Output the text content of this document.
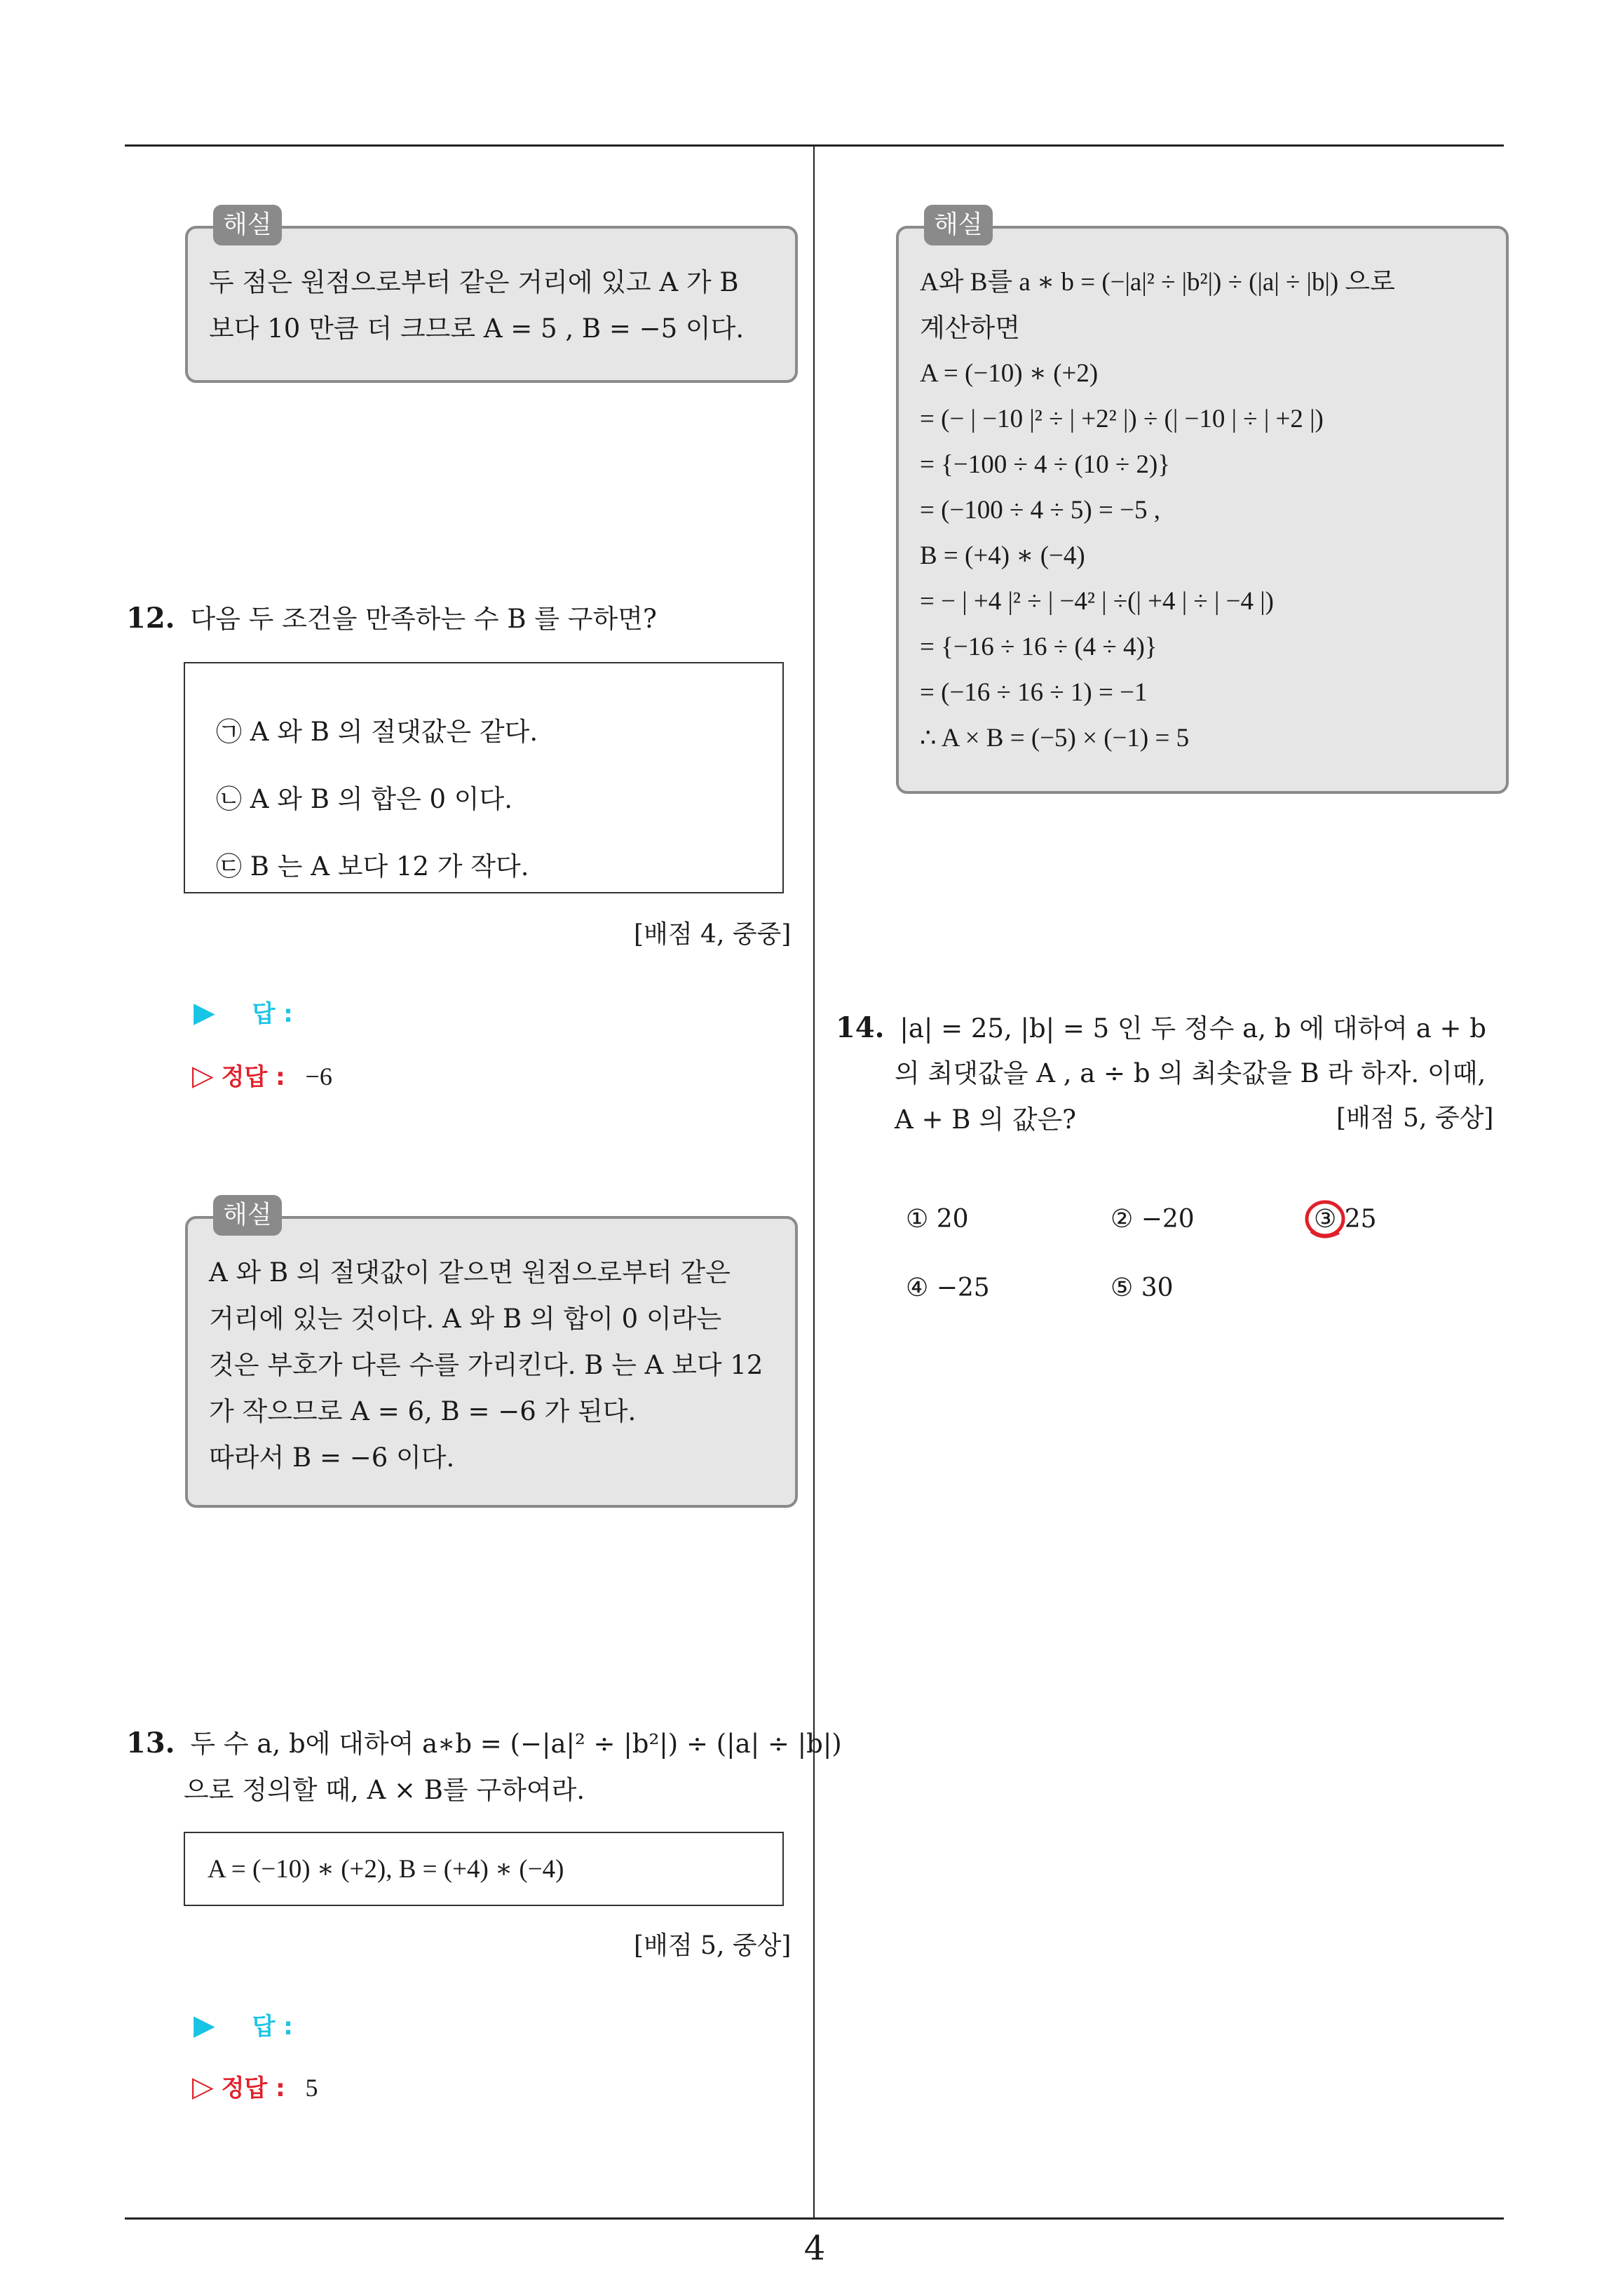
4
해설
두 점은 원점으로부터 같은 거리에 있고 A 가 B
보다 10 만큼 더 크므로 A = 5 , B = −5 이다.
12. 다음 두 조건을 만족하는 수 B 를 구하면?
㉠ A 와 B 의 절댓값은 같다.
㉡ A 와 B 의 합은 0 이다.
㉢ B 는 A 보다 12 가 작다.
[배점 4, 중중]
▶ 답 :
▷ 정답 : −6
해설
A 와 B 의 절댓값이 같으면 원점으로부터 같은
거리에 있는 것이다. A 와 B 의 합이 0 이라는
것은 부호가 다른 수를 가리킨다. B 는 A 보다 12
가 작으므로 A = 6, B = −6 가 된다.
따라서 B = −6 이다.
13. 두 수 a, b에 대하여 a∗b = (−|a|² ÷ |b²|) ÷ (|a| ÷ |b|)
으로 정의할 때, A × B를 구하여라.
A = (−10) ∗ (+2), B = (+4) ∗ (−4)
[배점 5, 중상]
▶ 답 :
▷ 정답 : 5
해설
A와 B를 a ∗ b = (−|a|² ÷ |b²|) ÷ (|a| ÷ |b|) 으로
계산하면
A = (−10) ∗ (+2)
= (− | −10 |² ÷ | +2² |) ÷ (| −10 | ÷ | +2 |)
= {−100 ÷ 4 ÷ (10 ÷ 2)}
= (−100 ÷ 4 ÷ 5) = −5 ,
B = (+4) ∗ (−4)
= − | +4 |² ÷ | −4² | ÷(| +4 | ÷ | −4 |)
= {−16 ÷ 16 ÷ (4 ÷ 4)}
= (−16 ÷ 16 ÷ 1) = −1
∴ A × B = (−5) × (−1) = 5
14. |a| = 25, |b| = 5 인 두 정수 a, b 에 대하여 a + b
의 최댓값을 A , a ÷ b 의 최솟값을 B 라 하자. 이때,
A + B 의 값은?	[배점 5, 중상]
① 20	② −20	③ 25
④ −25	⑤ 30
